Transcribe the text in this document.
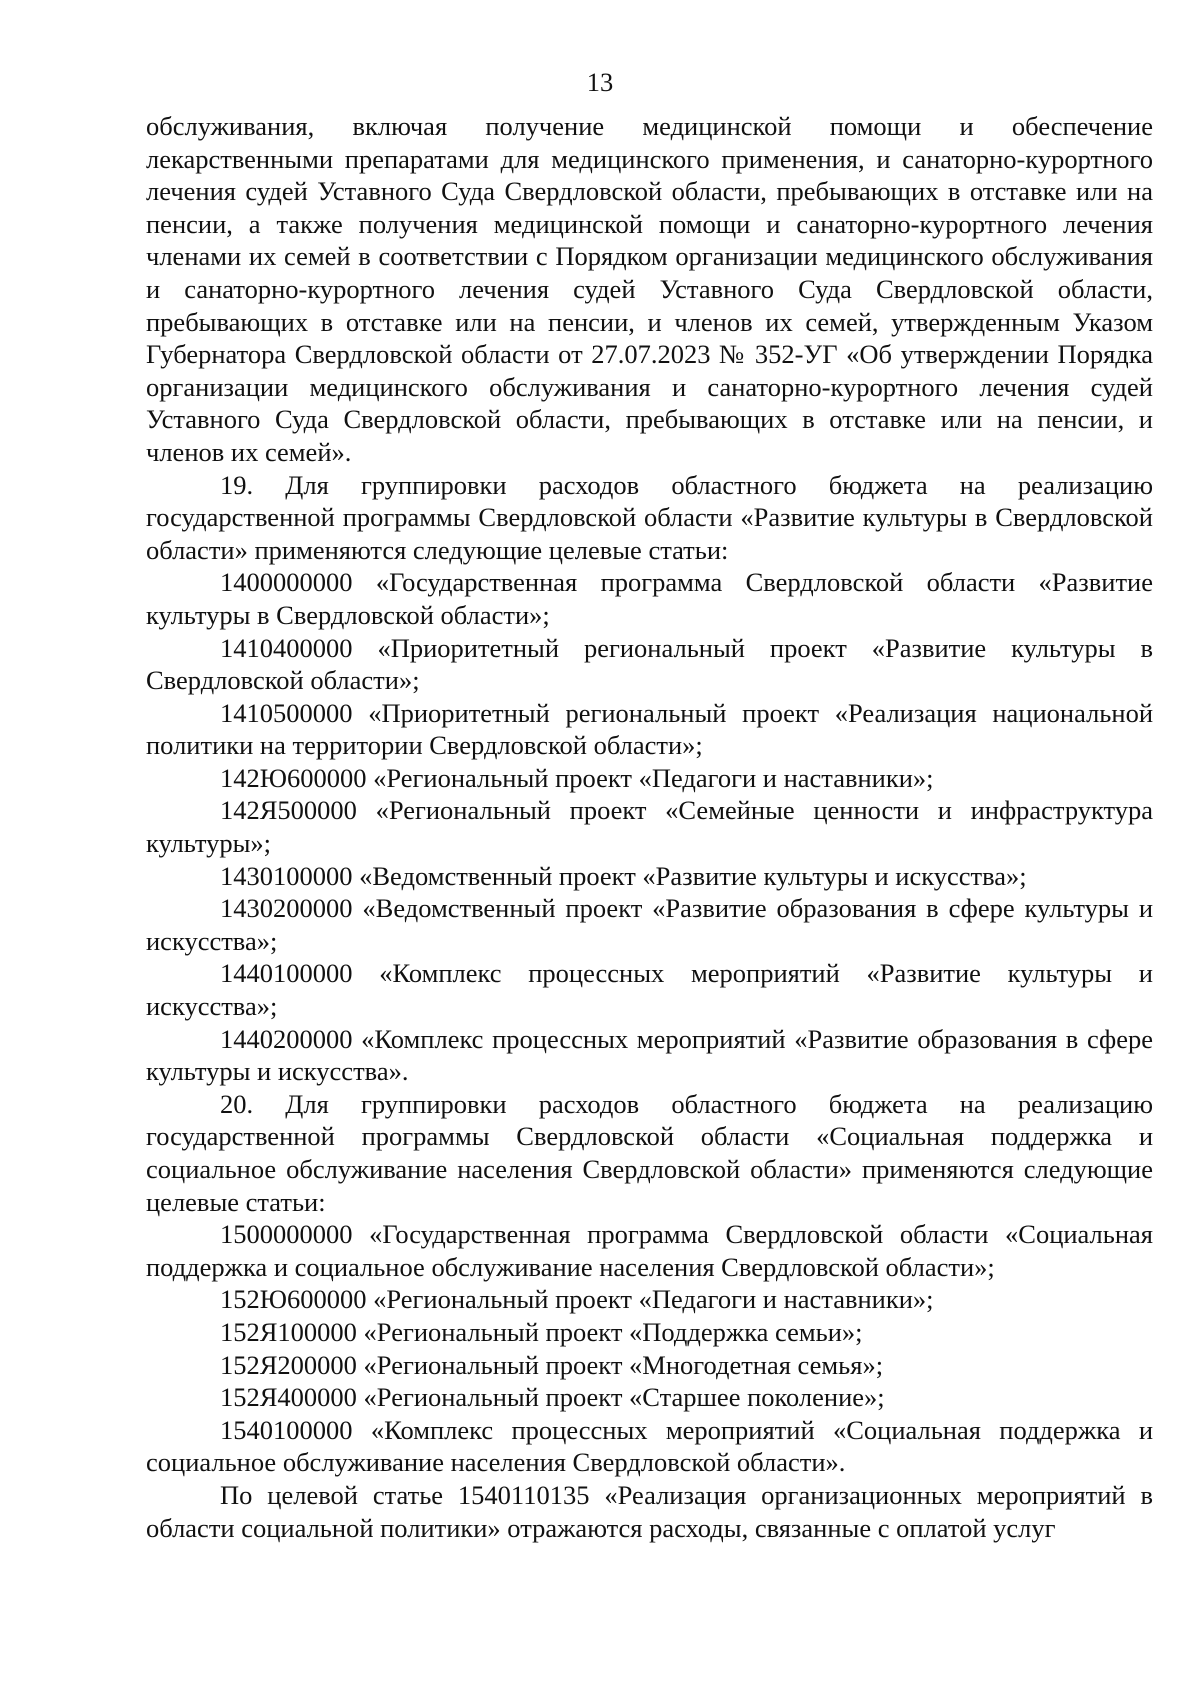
13

обслуживания, включая получение медицинской помощи и обеспечение лекарственными препаратами для медицинского применения, и санаторно-курортного лечения судей Уставного Суда Свердловской области, пребывающих в отставке или на пенсии, а также получения медицинской помощи и санаторно-курортного лечения членами их семей в соответствии с Порядком организации медицинского обслуживания и санаторно-курортного лечения судей Уставного Суда Свердловской области, пребывающих в отставке или на пенсии, и членов их семей, утвержденным Указом Губернатора Свердловской области от 27.07.2023 № 352-УГ «Об утверждении Порядка организации медицинского обслуживания и санаторно-курортного лечения судей Уставного Суда Свердловской области, пребывающих в отставке или на пенсии, и членов их семей».

19. Для группировки расходов областного бюджета на реализацию государственной программы Свердловской области «Развитие культуры в Свердловской области» применяются следующие целевые статьи:

1400000000 «Государственная программа Свердловской области «Развитие культуры в Свердловской области»;

1410400000 «Приоритетный региональный проект «Развитие культуры в Свердловской области»;

1410500000 «Приоритетный региональный проект «Реализация национальной политики на территории Свердловской области»;

142Ю600000 «Региональный проект «Педагоги и наставники»;

142Я500000 «Региональный проект «Семейные ценности и инфраструктура культуры»;

1430100000 «Ведомственный проект «Развитие культуры и искусства»;

1430200000 «Ведомственный проект «Развитие образования в сфере культуры и искусства»;

1440100000 «Комплекс процессных мероприятий «Развитие культуры и искусства»;

1440200000 «Комплекс процессных мероприятий «Развитие образования в сфере культуры и искусства».

20. Для группировки расходов областного бюджета на реализацию государственной программы Свердловской области «Социальная поддержка и социальное обслуживание населения Свердловской области» применяются следующие целевые статьи:

1500000000 «Государственная программа Свердловской области «Социальная поддержка и социальное обслуживание населения Свердловской области»;

152Ю600000 «Региональный проект «Педагоги и наставники»;

152Я100000 «Региональный проект «Поддержка семьи»;

152Я200000 «Региональный проект «Многодетная семья»;

152Я400000 «Региональный проект «Старшее поколение»;

1540100000 «Комплекс процессных мероприятий «Социальная поддержка и социальное обслуживание населения Свердловской области».

По целевой статье 1540110135 «Реализация организационных мероприятий в области социальной политики» отражаются расходы, связанные с оплатой услуг
